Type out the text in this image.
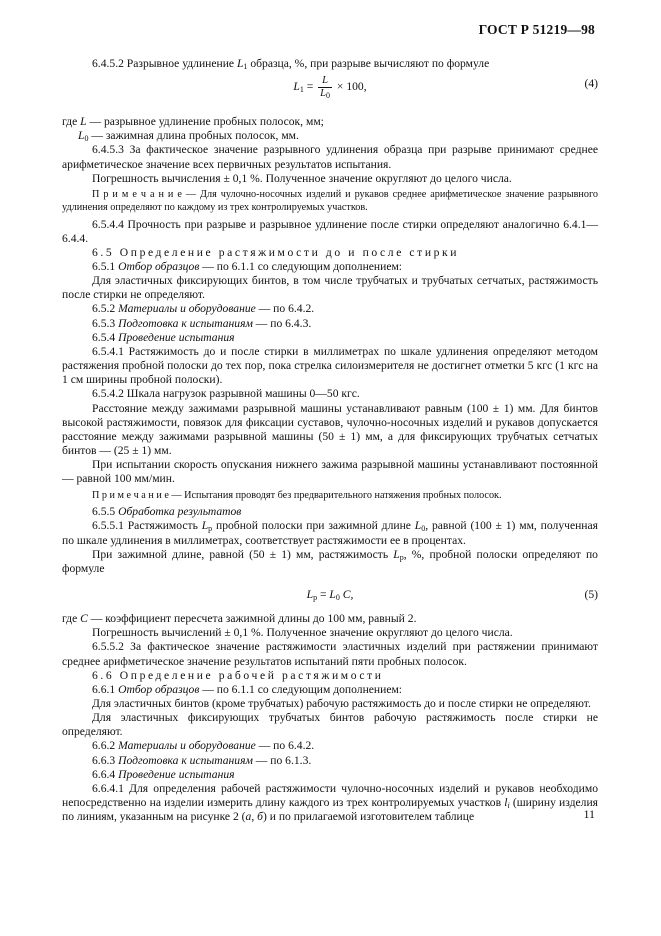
ГОСТ Р 51219—98

6.4.5.2 Разрывное удлинение $L_1$ образца, %, при разрыве вычисляют по формуле

$L_1 = \frac{L}{L_0} \times 100$,	(4)

где L — разрывное удлинение пробных полосок, мм;

$L_0$ — зажимная длина пробных полосок, мм.

6.4.5.3 За фактическое значение разрывного удлинения образца при разрыве принимают среднее арифметическое значение всех первичных результатов испытания.

Погрешность вычисления ± 0,1 %. Полученное значение округляют до целого числа.

П р и м е ч а н и е — Для чулочно-носочных изделий и рукавов среднее арифметическое значение разрывного удлинения определяют по каждому из трех контролируемых участков.

6.5.4.4 Прочность при разрыве и разрывное удлинение после стирки определяют аналогично 6.4.1—6.4.4.

6.5 Определение растяжимости до и после стирки

6.5.1 Отбор образцов — по 6.1.1 со следующим дополнением:

Для эластичных фиксирующих бинтов, в том числе трубчатых и трубчатых сетчатых, растяжимость после стирки не определяют.

6.5.2 Материалы и оборудование — по 6.4.2.

6.5.3 Подготовка к испытаниям — по 6.4.3.

6.5.4 Проведение испытания

6.5.4.1 Растяжимость до и после стирки в миллиметрах по шкале удлинения определяют методом растяжения пробной полоски до тех пор, пока стрелка силоизмерителя не достигнет отметки 5 кгс (1 кгс на 1 см ширины пробной полоски).

6.5.4.2 Шкала нагрузок разрывной машины 0—50 кгс.

Расстояние между зажимами разрывной машины устанавливают равным (100 ± 1) мм. Для бинтов высокой растяжимости, повязок для фиксации суставов, чулочно-носочных изделий и рукавов допускается расстояние между зажимами разрывной машины (50 ± 1) мм, а для фиксирующих трубчатых сетчатых бинтов — (25 ± 1) мм.

При испытании скорость опускания нижнего зажима разрывной машины устанавливают постоянной — равной 100 мм/мин.

П р и м е ч а н и е — Испытания проводят без предварительного натяжения пробных полосок.

6.5.5 Обработка результатов

6.5.5.1 Растяжимость $L_р$ пробной полоски при зажимной длине $L_0$, равной (100 ± 1) мм, полученная по шкале удлинения в миллиметрах, соответствует растяжимости ее в процентах.

При зажимной длине, равной (50 ± 1) мм, растяжимость $L_р$, %, пробной полоски определяют по формуле

$L_р = L_0$ C,	(5)

где C — коэффициент пересчета зажимной длины до 100 мм, равный 2.

Погрешность вычислений ± 0,1 %. Полученное значение округляют до целого числа.

6.5.5.2 За фактическое значение растяжимости эластичных изделий при растяжении принимают среднее арифметическое значение результатов испытаний пяти пробных полосок.

6.6 Определение рабочей растяжимости

6.6.1 Отбор образцов — по 6.1.1 со следующим дополнением:

Для эластичных бинтов (кроме трубчатых) рабочую растяжимость до и после стирки не определяют.

Для эластичных фиксирующих трубчатых бинтов рабочую растяжимость после стирки не определяют.

6.6.2 Материалы и оборудование — по 6.4.2.

6.6.3 Подготовка к испытаниям — по 6.1.3.

6.6.4 Проведение испытания

6.6.4.1 Для определения рабочей растяжимости чулочно-носочных изделий и рукавов необходимо непосредственно на изделии измерить длину каждого из трех контролируемых участков $l_i$ (ширину изделия по линиям, указанным на рисунке 2 (а, б) и по прилагаемой изготовителем таблице	11
